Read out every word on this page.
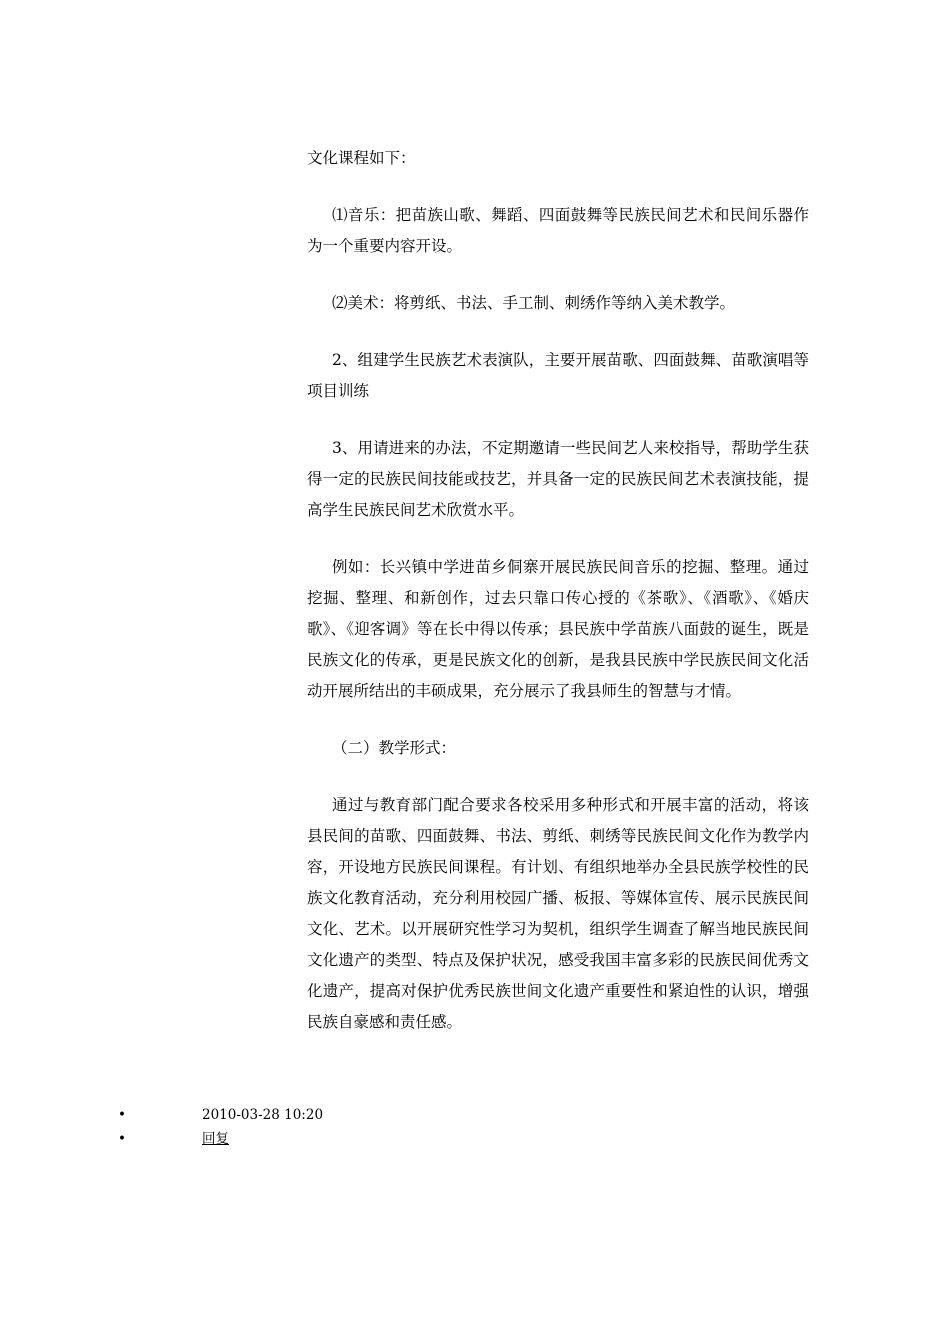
文化课程如下：

⑴音乐：把苗族山歌、舞蹈、四面鼓舞等民族民间艺术和民间乐器作为一个重要内容开设。

⑵美术：将剪纸、书法、手工制、刺绣作等纳入美术教学。

2、组建学生民族艺术表演队，主要开展苗歌、四面鼓舞、苗歌演唱等项目训练

3、用请进来的办法，不定期邀请一些民间艺人来校指导，帮助学生获得一定的民族民间技能或技艺，并具备一定的民族民间艺术表演技能，提高学生民族民间艺术欣赏水平。

例如：长兴镇中学进苗乡侗寨开展民族民间音乐的挖掘、整理。通过挖掘、整理、和新创作，过去只靠口传心授的《茶歌》、《酒歌》、《婚庆歌》、《迎客调》等在长中得以传承；县民族中学苗族八面鼓的诞生，既是民族文化的传承，更是民族文化的创新，是我县民族中学民族民间文化活动开展所结出的丰硕成果，充分展示了我县师生的智慧与才情。

（二）教学形式：

通过与教育部门配合要求各校采用多种形式和开展丰富的活动，将该县民间的苗歌、四面鼓舞、书法、剪纸、刺绣等民族民间文化作为教学内容，开设地方民族民间课程。有计划、有组织地举办全县民族学校性的民族文化教育活动，充分利用校园广播、板报、等媒体宣传、展示民族民间文化、艺术。以开展研究性学习为契机，组织学生调查了解当地民族民间文化遗产的类型、特点及保护状况，感受我国丰富多彩的民族民间优秀文化遗产，提高对保护优秀民族世间文化遗产重要性和紧迫性的认识，增强民族自豪感和责任感。

•	2010-03-28 10:20
•	回复
